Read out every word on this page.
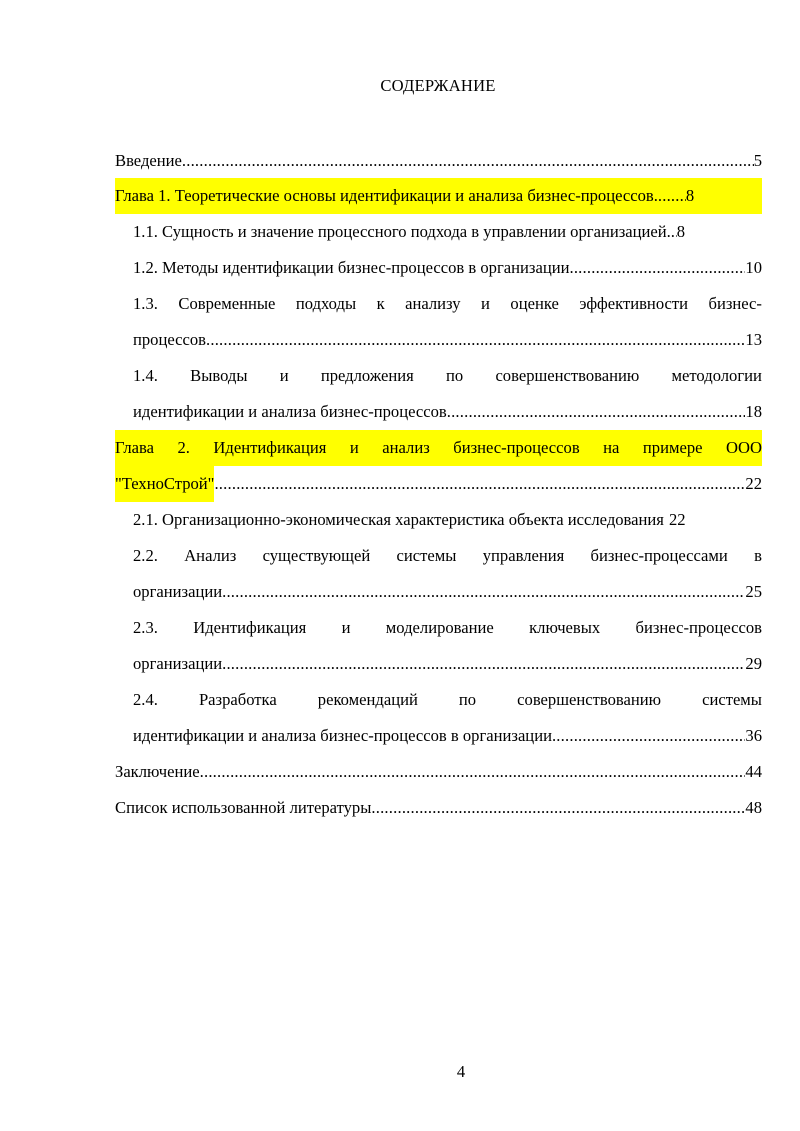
СОДЕРЖАНИЕ
Введение .....	5
Глава 1. Теоретические основы идентификации и анализа бизнес-процессов. ..... 8
1.1. Сущность и значение процессного подхода в управлении организацией. ..... 8
1.2. Методы идентификации бизнес-процессов в организации .....	10
1.3. Современные подходы к анализу и оценке эффективности бизнес-
процессов .....	13
1.4. Выводы и предложения по совершенствованию методологии
идентификации и анализа бизнес-процессов .....	18
Глава 2. Идентификация и анализ бизнес-процессов на примере ООО
"ТехноСтрой" .....	22
2.1. Организационно-экономическая характеристика объекта исследования 22
2.2. Анализ существующей системы управления бизнес-процессами в
организации .....	25
2.3. Идентификация и моделирование ключевых бизнес-процессов
организации .....	29
2.4. Разработка рекомендаций по совершенствованию системы
идентификации и анализа бизнес-процессов в организации .....	36
Заключение .....	44
Список использованной литературы .....	48
4
